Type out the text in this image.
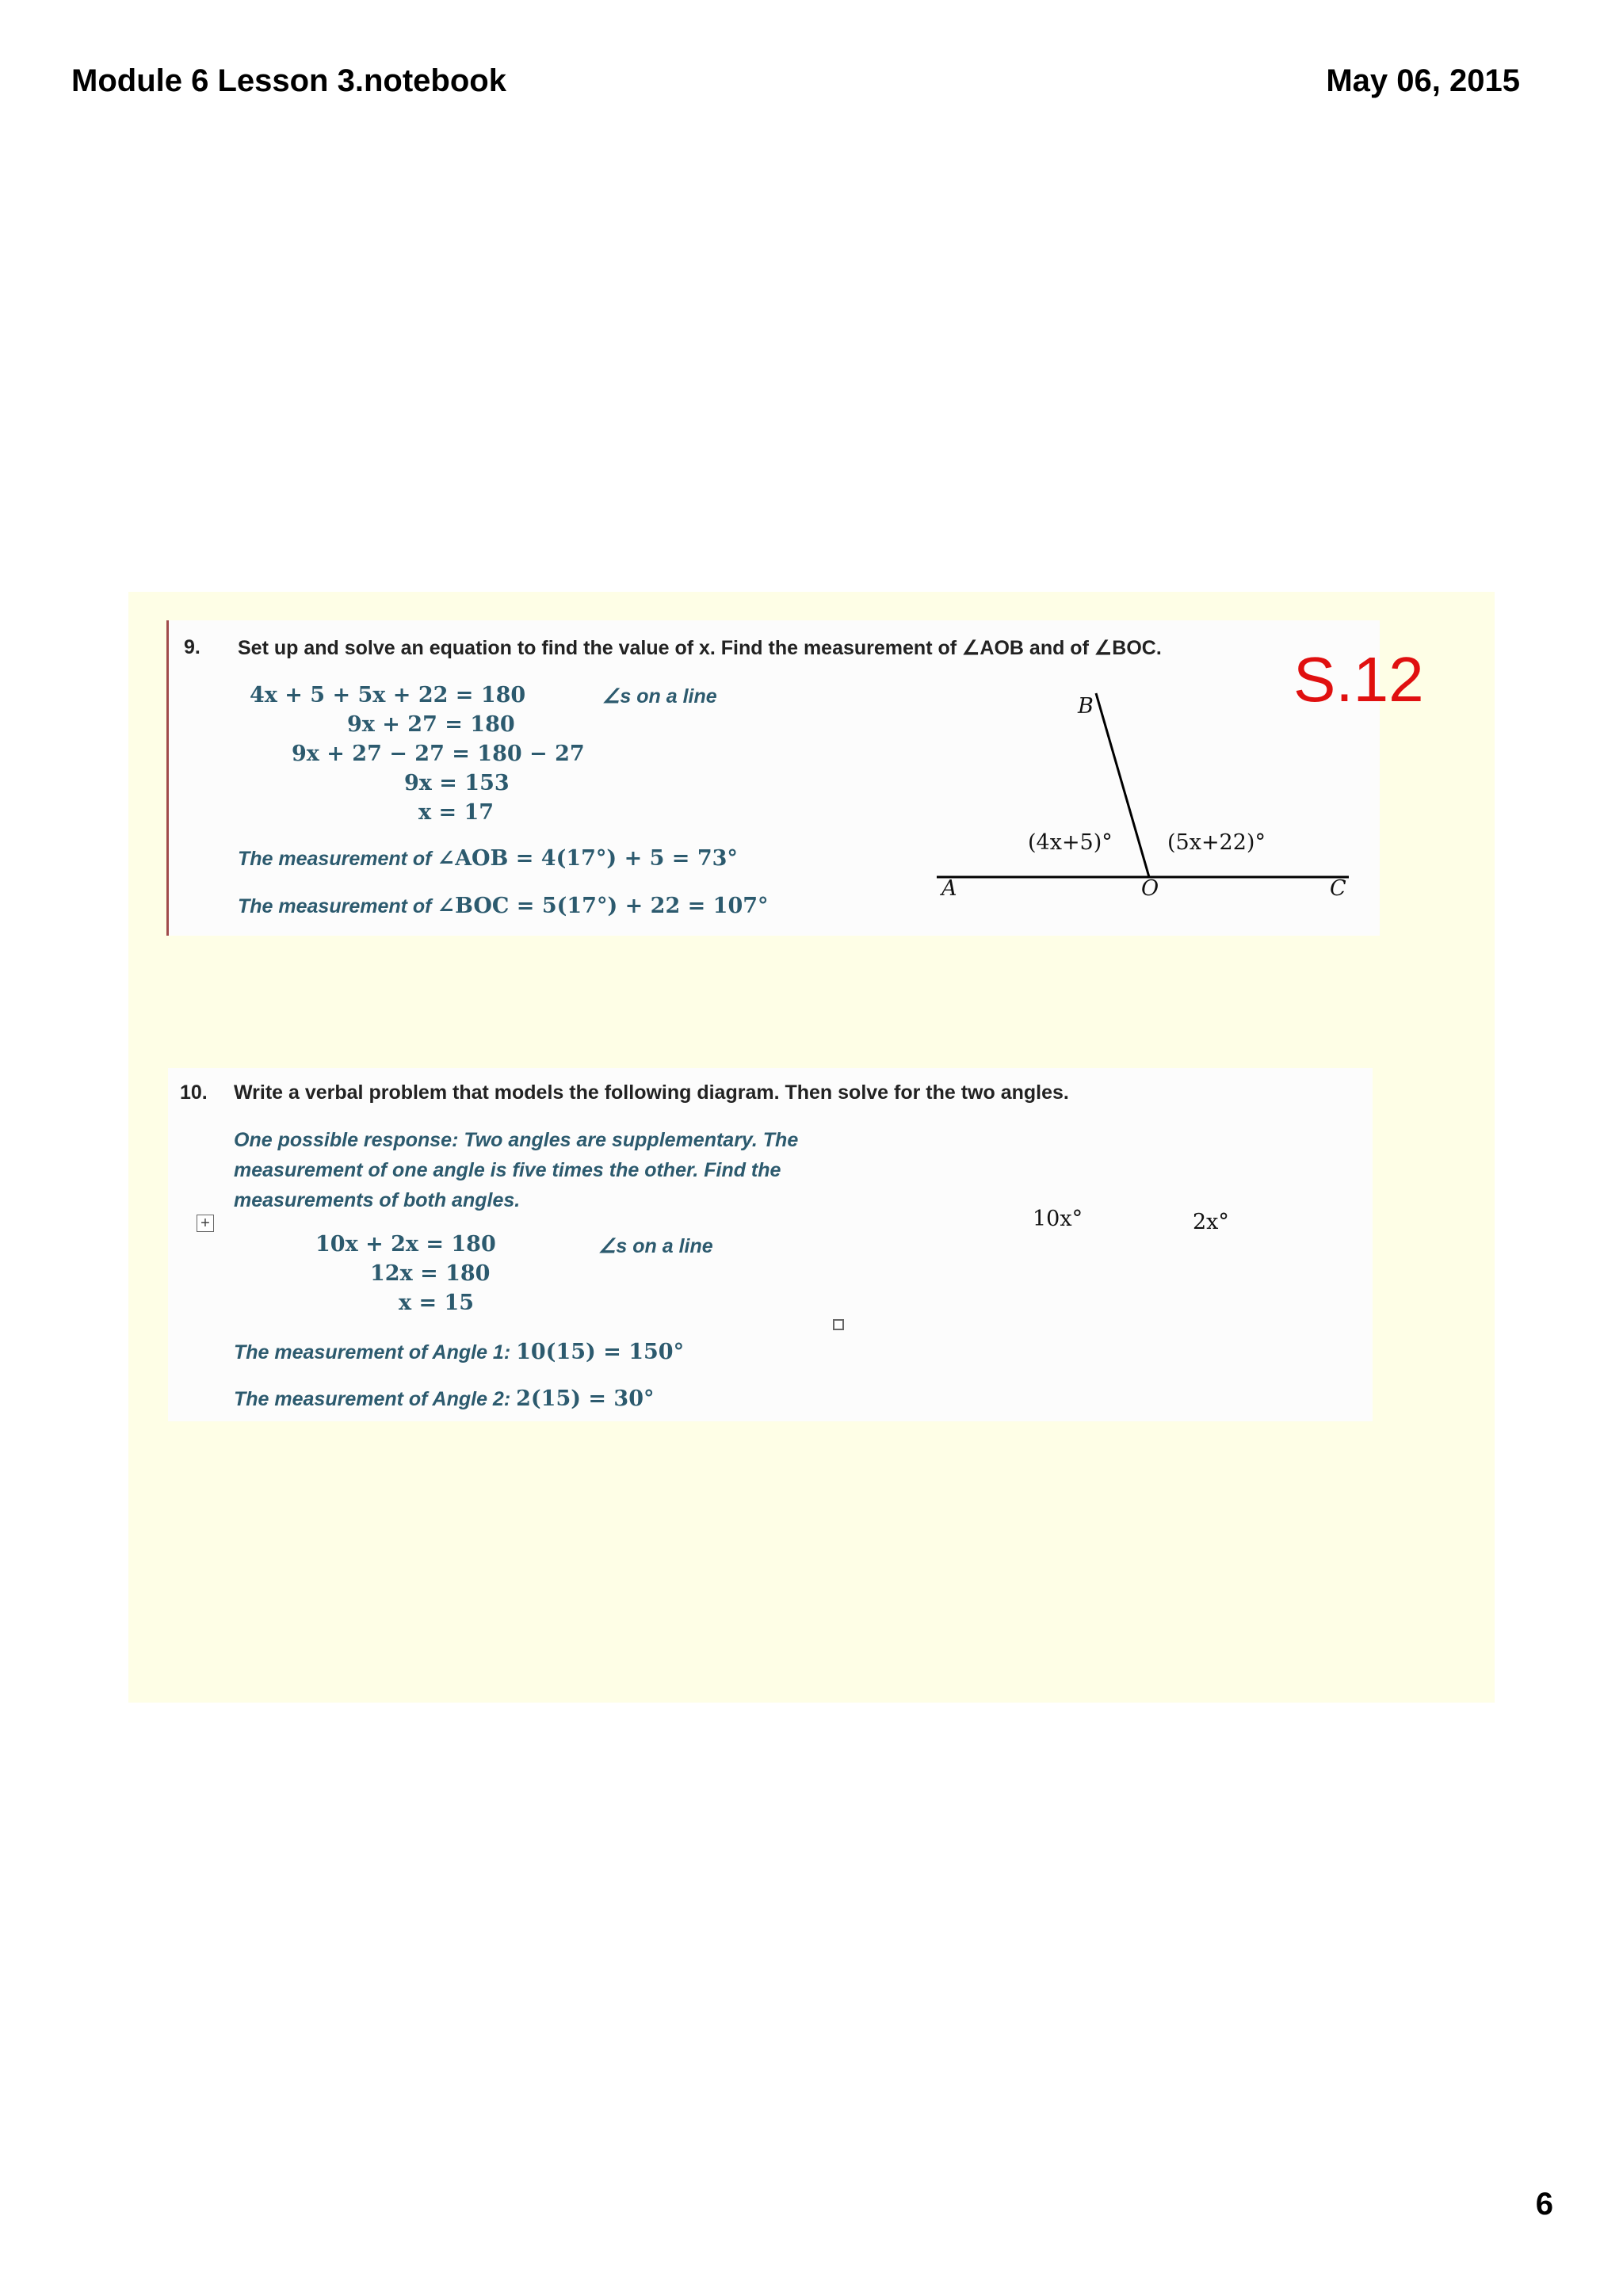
Module 6 Lesson 3.notebook	May 06, 2015
9. Set up and solve an equation to find the value of x. Find the measurement of ∠AOB and of ∠BOC.
4x + 5 + 5x + 22 = 180
9x + 27 = 180
9x + 27 − 27 = 180 − 27
9x = 153
x = 17
∠s on a line
The measurement of ∠AOB = 4(17°) + 5 = 73°
The measurement of ∠BOC = 5(17°) + 22 = 107°
B
(4x+5)°	(5x+22)°
A	O	C
S.12
10. Write a verbal problem that models the following diagram. Then solve for the two angles.
One possible response: Two angles are supplementary. The measurement of one angle is five times the other. Find the measurements of both angles.
10x + 2x = 180
12x = 180
x = 15
∠s on a line
The measurement of Angle 1: 10(15) = 150°
The measurement of Angle 2: 2(15) = 30°
10x°	2x°
+
6
